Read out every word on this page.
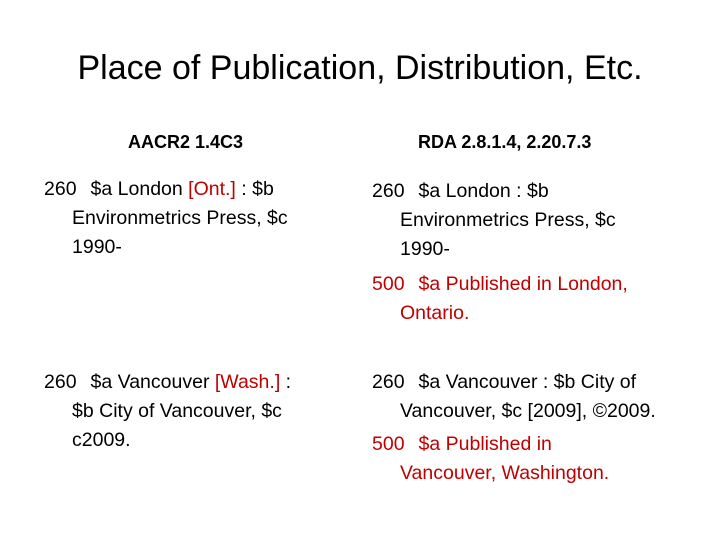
Place of Publication, Distribution, Etc.
AACR2 1.4C3	RDA 2.8.1.4, 2.20.7.3
260 $a London [Ont.] : $b
Environmetrics Press, $c
1990-
260 $a Vancouver [Wash.] :
$b City of Vancouver, $c
c2009.
260 $a London : $b
Environmetrics Press, $c
1990-
500 $a Published in London,
Ontario.
260 $a Vancouver : $b City of
Vancouver, $c [2009], ©2009.
500 $a Published in
Vancouver, Washington.
